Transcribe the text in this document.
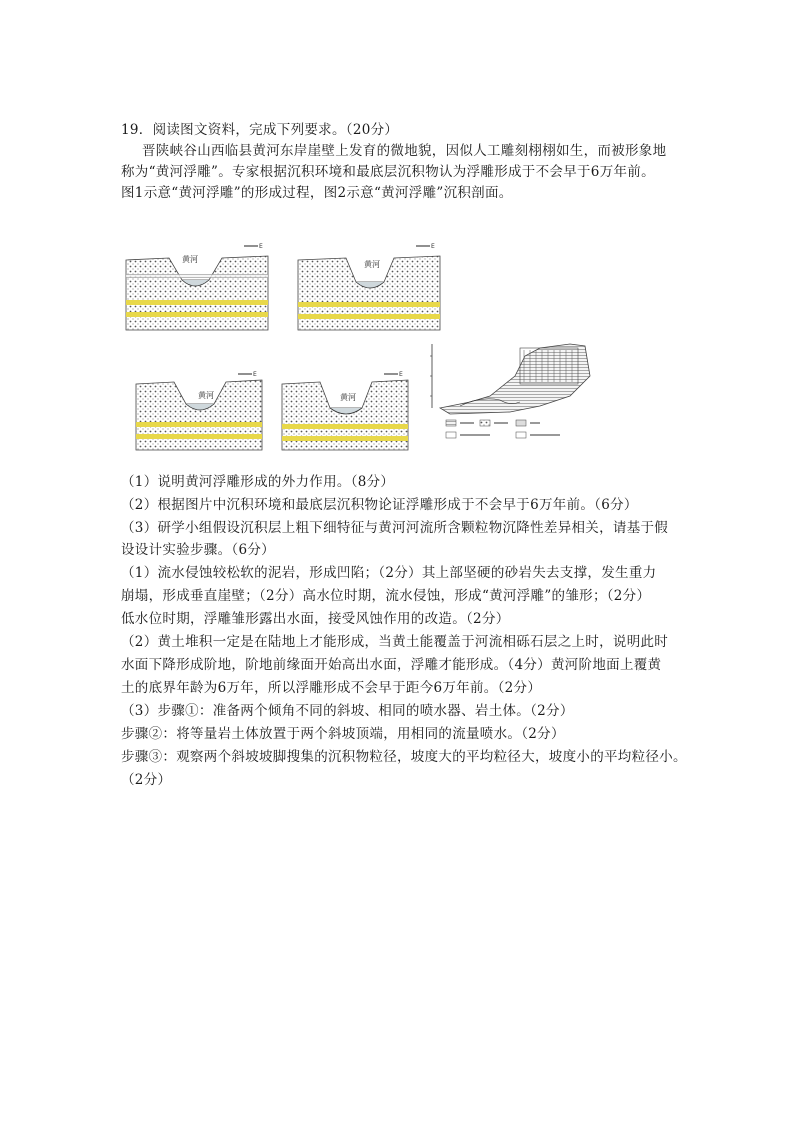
19．阅读图文资料，完成下列要求。（20分）
晋陕峡谷山西临县黄河东岸崖壁上发育的微地貌，因似人工雕刻栩栩如生，而被形象地
称为“黄河浮雕”。专家根据沉积环境和最底层沉积物认为浮雕形成于不会早于6万年前。
图1示意“黄河浮雕”的形成过程，图2示意“黄河浮雕”沉积剖面。
黄河
E
黄河
E
黄河
E
黄河
E
（1）说明黄河浮雕形成的外力作用。（8分）
（2）根据图片中沉积环境和最底层沉积物论证浮雕形成于不会早于6万年前。（6分）
（3）研学小组假设沉积层上粗下细特征与黄河河流所含颗粒物沉降性差异相关，请基于假
设设计实验步骤。（6分）
（1）流水侵蚀较松软的泥岩，形成凹陷；（2分）其上部坚硬的砂岩失去支撑，发生重力
崩塌，形成垂直崖壁；（2分）高水位时期，流水侵蚀，形成“黄河浮雕”的雏形；（2分）
低水位时期，浮雕雏形露出水面，接受风蚀作用的改造。（2分）
（2）黄土堆积一定是在陆地上才能形成，当黄土能覆盖于河流相砾石层之上时，说明此时
水面下降形成阶地，阶地前缘面开始高出水面，浮雕才能形成。（4分）黄河阶地面上覆黄
土的底界年龄为6万年，所以浮雕形成不会早于距今6万年前。（2分）
（3）步骤①：准备两个倾角不同的斜坡、相同的喷水器、岩土体。（2分）
步骤②：将等量岩土体放置于两个斜坡顶端，用相同的流量喷水。（2分）
步骤③：观察两个斜坡坡脚搜集的沉积物粒径，坡度大的平均粒径大，坡度小的平均粒径小。
（2分）
